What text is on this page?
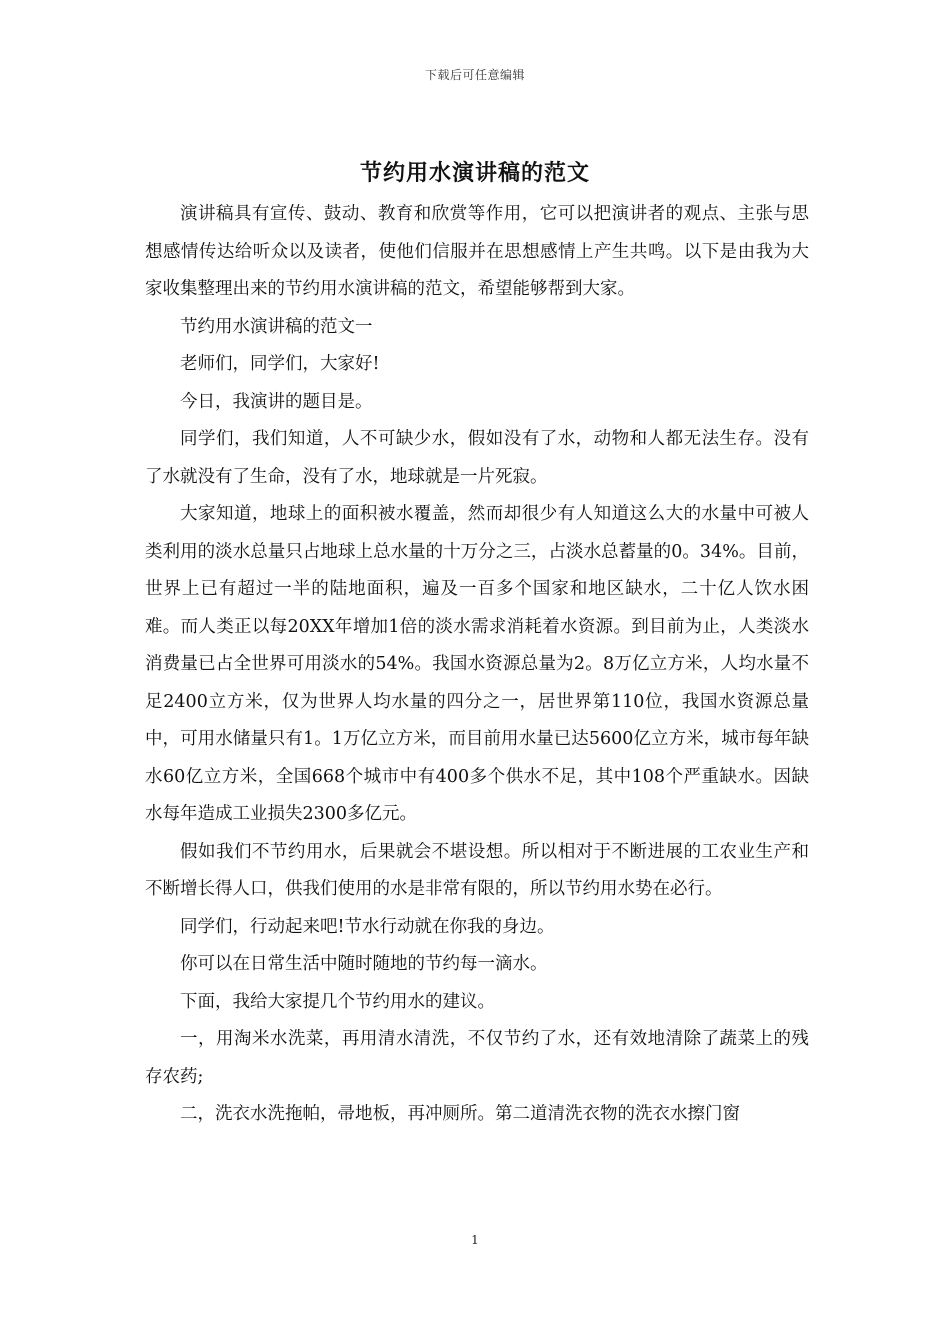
下载后可任意编辑
节约用水演讲稿的范文

演讲稿具有宣传、鼓动、教育和欣赏等作用，它可以把演讲者的观点、主张与思想感情传达给听众以及读者，使他们信服并在思想感情上产生共鸣。以下是由我为大家收集整理出来的节约用水演讲稿的范文，希望能够帮到大家。

节约用水演讲稿的范文一

老师们，同学们，大家好!

今日，我演讲的题目是。

同学们，我们知道，人不可缺少水，假如没有了水，动物和人都无法生存。没有了水就没有了生命，没有了水，地球就是一片死寂。

大家知道，地球上的面积被水覆盖，然而却很少有人知道这么大的水量中可被人类利用的淡水总量只占地球上总水量的十万分之三，占淡水总蓄量的0。34%。目前，世界上已有超过一半的陆地面积，遍及一百多个国家和地区缺水，二十亿人饮水困难。而人类正以每20XX年增加1倍的淡水需求消耗着水资源。到目前为止，人类淡水消费量已占全世界可用淡水的54%。我国水资源总量为2。8万亿立方米，人均水量不足2400立方米，仅为世界人均水量的四分之一，居世界第110位，我国水资源总量中，可用水储量只有1。1万亿立方米，而目前用水量已达5600亿立方米，城市每年缺水60亿立方米，全国668个城市中有400多个供水不足，其中108个严重缺水。因缺水每年造成工业损失2300多亿元。

假如我们不节约用水，后果就会不堪设想。所以相对于不断进展的工农业生产和不断增长得人口，供我们使用的水是非常有限的，所以节约用水势在必行。

同学们，行动起来吧!节水行动就在你我的身边。

你可以在日常生活中随时随地的节约每一滴水。

下面，我给大家提几个节约用水的建议。

一，用淘米水洗菜，再用清水清洗，不仅节约了水，还有效地清除了蔬菜上的残存农药;

二，洗衣水洗拖帕，帚地板，再冲厕所。第二道清洗衣物的洗衣水擦门窗

1
